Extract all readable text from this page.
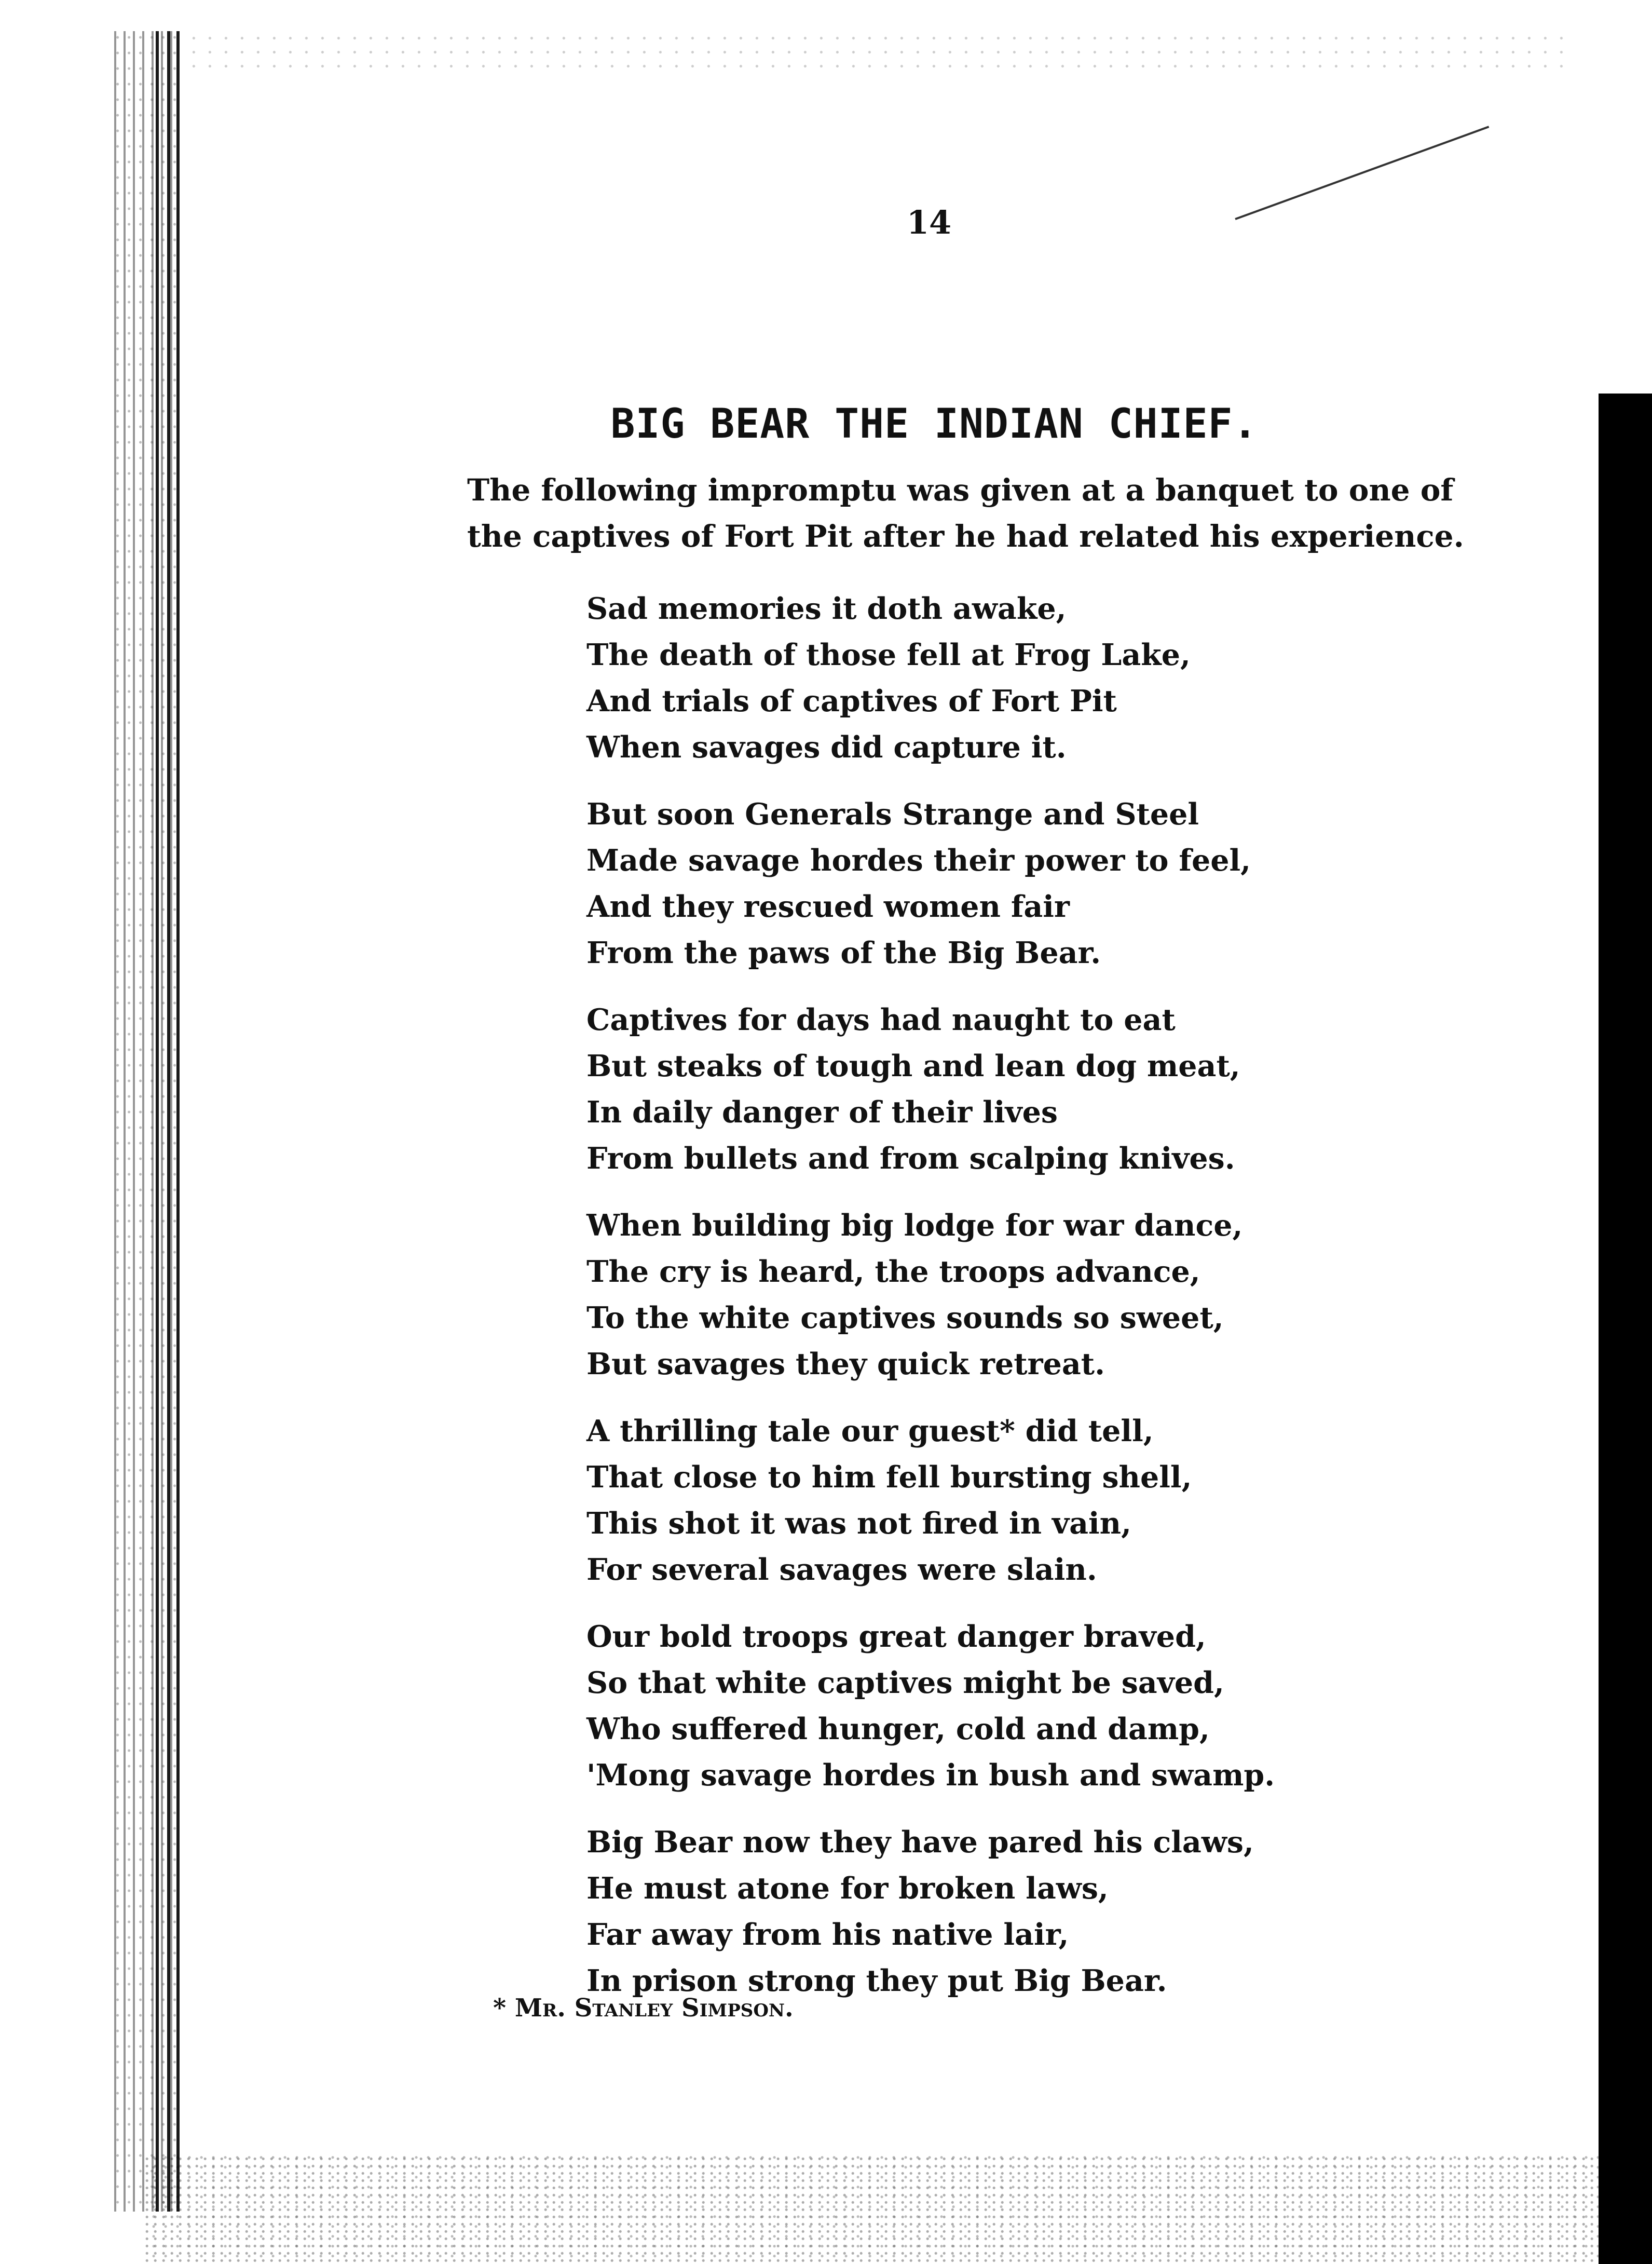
14
BIG BEAR THE INDIAN CHIEF.
The following impromptu was given at a banquet to one of
the captives of Fort Pit after he had related his experience.
Sad memories it doth awake,
The death of those fell at Frog Lake,
And trials of captives of Fort Pit
When savages did capture it.
But soon Generals Strange and Steel
Made savage hordes their power to feel,
And they rescued women fair
From the paws of the Big Bear.
Captives for days had naught to eat
But steaks of tough and lean dog meat,
In daily danger of their lives
From bullets and from scalping knives.
When building big lodge for war dance,
The cry is heard, the troops advance,
To the white captives sounds so sweet,
But savages they quick retreat.
A thrilling tale our guest* did tell,
That close to him fell bursting shell,
This shot it was not fired in vain,
For several savages were slain.
Our bold troops great danger braved,
So that white captives might be saved,
Who suffered hunger, cold and damp,
'Mong savage hordes in bush and swamp.
Big Bear now they have pared his claws,
He must atone for broken laws,
Far away from his native lair,
In prison strong they put Big Bear.
* Mr. Stanley Simpson.
